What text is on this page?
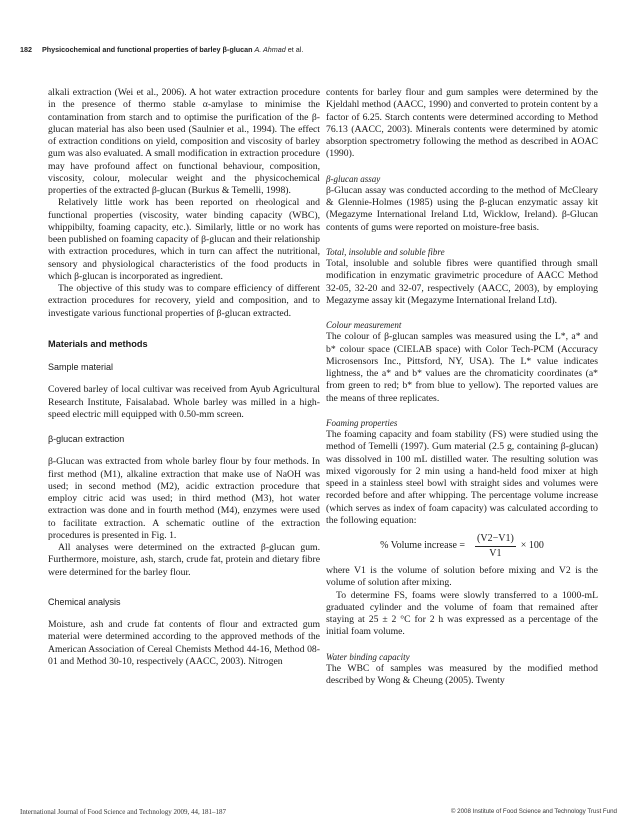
182 Physicochemical and functional properties of barley β-glucan A. Ahmad et al.

alkali extraction (Wei et al., 2006). A hot water extraction procedure in the presence of thermo stable α-amylase to minimise the contamination from starch and to optimise the purification of the β-glucan material has also been used (Saulnier et al., 1994). The effect of extraction conditions on yield, composition and viscosity of barley gum was also evaluated. A small modification in extraction procedure may have profound affect on functional behaviour, composition, viscosity, colour, molecular weight and the physicochemical properties of the extracted β-glucan (Burkus & Temelli, 1998).

Relatively little work has been reported on rheological and functional properties (viscosity, water binding capacity (WBC), whippibilty, foaming capacity, etc.). Similarly, little or no work has been published on foaming capacity of β-glucan and their relationship with extraction procedures, which in turn can affect the nutritional, sensory and physiological characteristics of the food products in which β-glucan is incorporated as ingredient.

The objective of this study was to compare efficiency of different extraction procedures for recovery, yield and composition, and to investigate various functional properties of β-glucan extracted.

Materials and methods

Sample material

Covered barley of local cultivar was received from Ayub Agricultural Research Institute, Faisalabad. Whole barley was milled in a high-speed electric mill equipped with 0.50-mm screen.

β-glucan extraction

β-Glucan was extracted from whole barley flour by four methods. In first method (M1), alkaline extraction that make use of NaOH was used; in second method (M2), acidic extraction procedure that employ citric acid was used; in third method (M3), hot water extraction was done and in fourth method (M4), enzymes were used to facilitate extraction. A schematic outline of the extraction procedures is presented in Fig. 1.

All analyses were determined on the extracted β-glucan gum. Furthermore, moisture, ash, starch, crude fat, protein and dietary fibre were determined for the barley flour.

Chemical analysis

Moisture, ash and crude fat contents of flour and extracted gum material were determined according to the approved methods of the American Association of Cereal Chemists Method 44-16, Method 08-01 and Method 30-10, respectively (AACC, 2003). Nitrogen

contents for barley flour and gum samples were determined by the Kjeldahl method (AACC, 1990) and converted to protein content by a factor of 6.25. Starch contents were determined according to Method 76.13 (AACC, 2003). Minerals contents were determined by atomic absorption spectrometry following the method as described in AOAC (1990).

β-glucan assay

β-Glucan assay was conducted according to the method of McCleary & Glennie-Holmes (1985) using the β-glucan enzymatic assay kit (Megazyme International Ireland Ltd, Wicklow, Ireland). β-Glucan contents of gums were reported on moisture-free basis.

Total, insoluble and soluble fibre

Total, insoluble and soluble fibres were quantified through small modification in enzymatic gravimetric procedure of AACC Method 32-05, 32-20 and 32-07, respectively (AACC, 2003), by employing Megazyme assay kit (Megazyme International Ireland Ltd).

Colour measurement

The colour of β-glucan samples was measured using the L*, a* and b* colour space (CIELAB space) with Color Tech-PCM (Accuracy Microsensors Inc., Pittsford, NY, USA). The L* value indicates lightness, the a* and b* values are the chromaticity coordinates (a* from green to red; b* from blue to yellow). The reported values are the means of three replicates.

Foaming properties

The foaming capacity and foam stability (FS) were studied using the method of Temelli (1997). Gum material (2.5 g, containing β-glucan) was dissolved in 100 mL distilled water. The resulting solution was mixed vigorously for 2 min using a hand-held food mixer at high speed in a stainless steel bowl with straight sides and volumes were recorded before and after whipping. The percentage volume increase (which serves as index of foam capacity) was calculated according to the following equation:

% Volume increase = $\frac{(V2-V1)}{V1} \times 100$

where V1 is the volume of solution before mixing and V2 is the volume of solution after mixing.

To determine FS, foams were slowly transferred to a 1000-mL graduated cylinder and the volume of foam that remained after staying at 25 ± 2 °C for 2 h was expressed as a percentage of the initial foam volume.

Water binding capacity

The WBC of samples was measured by the modified method described by Wong & Cheung (2005). Twenty

International Journal of Food Science and Technology 2009, 44, 181–187	© 2008 Institute of Food Science and Technology Trust Fund
